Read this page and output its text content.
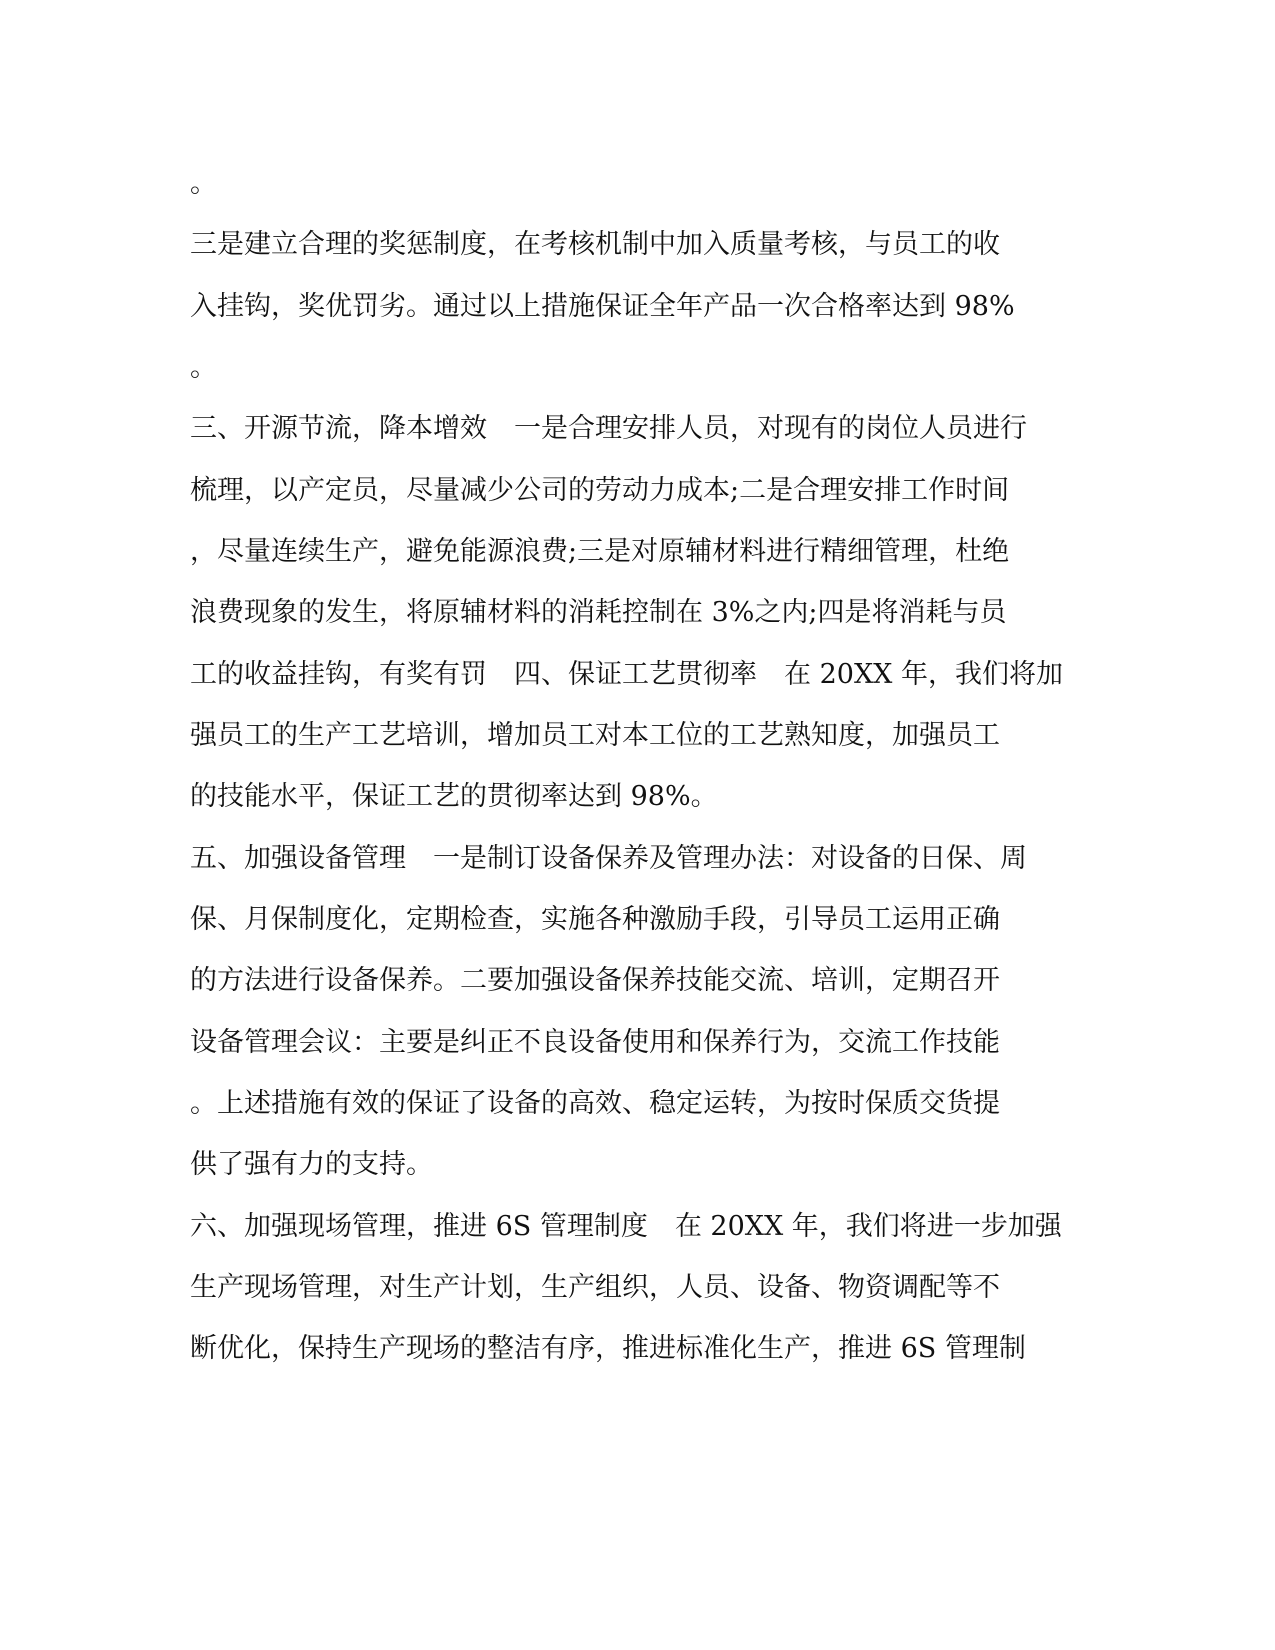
。
三是建立合理的奖惩制度，在考核机制中加入质量考核，与员工的收
入挂钩，奖优罚劣。通过以上措施保证全年产品一次合格率达到 98%
。
三、开源节流，降本增效　一是合理安排人员，对现有的岗位人员进行
梳理，以产定员，尽量减少公司的劳动力成本;二是合理安排工作时间
，尽量连续生产，避免能源浪费;三是对原辅材料进行精细管理，杜绝
浪费现象的发生，将原辅材料的消耗控制在 3%之内;四是将消耗与员
工的收益挂钩，有奖有罚　四、保证工艺贯彻率　在 20XX 年，我们将加
强员工的生产工艺培训，增加员工对本工位的工艺熟知度，加强员工
的技能水平，保证工艺的贯彻率达到 98%。
五、加强设备管理　一是制订设备保养及管理办法：对设备的日保、周
保、月保制度化，定期检查，实施各种激励手段，引导员工运用正确
的方法进行设备保养。二要加强设备保养技能交流、培训，定期召开
设备管理会议：主要是纠正不良设备使用和保养行为，交流工作技能
。上述措施有效的保证了设备的高效、稳定运转，为按时保质交货提
供了强有力的支持。
六、加强现场管理，推进 6S 管理制度　在 20XX 年，我们将进一步加强
生产现场管理，对生产计划，生产组织，人员、设备、物资调配等不
断优化，保持生产现场的整洁有序，推进标准化生产，推进 6S 管理制
